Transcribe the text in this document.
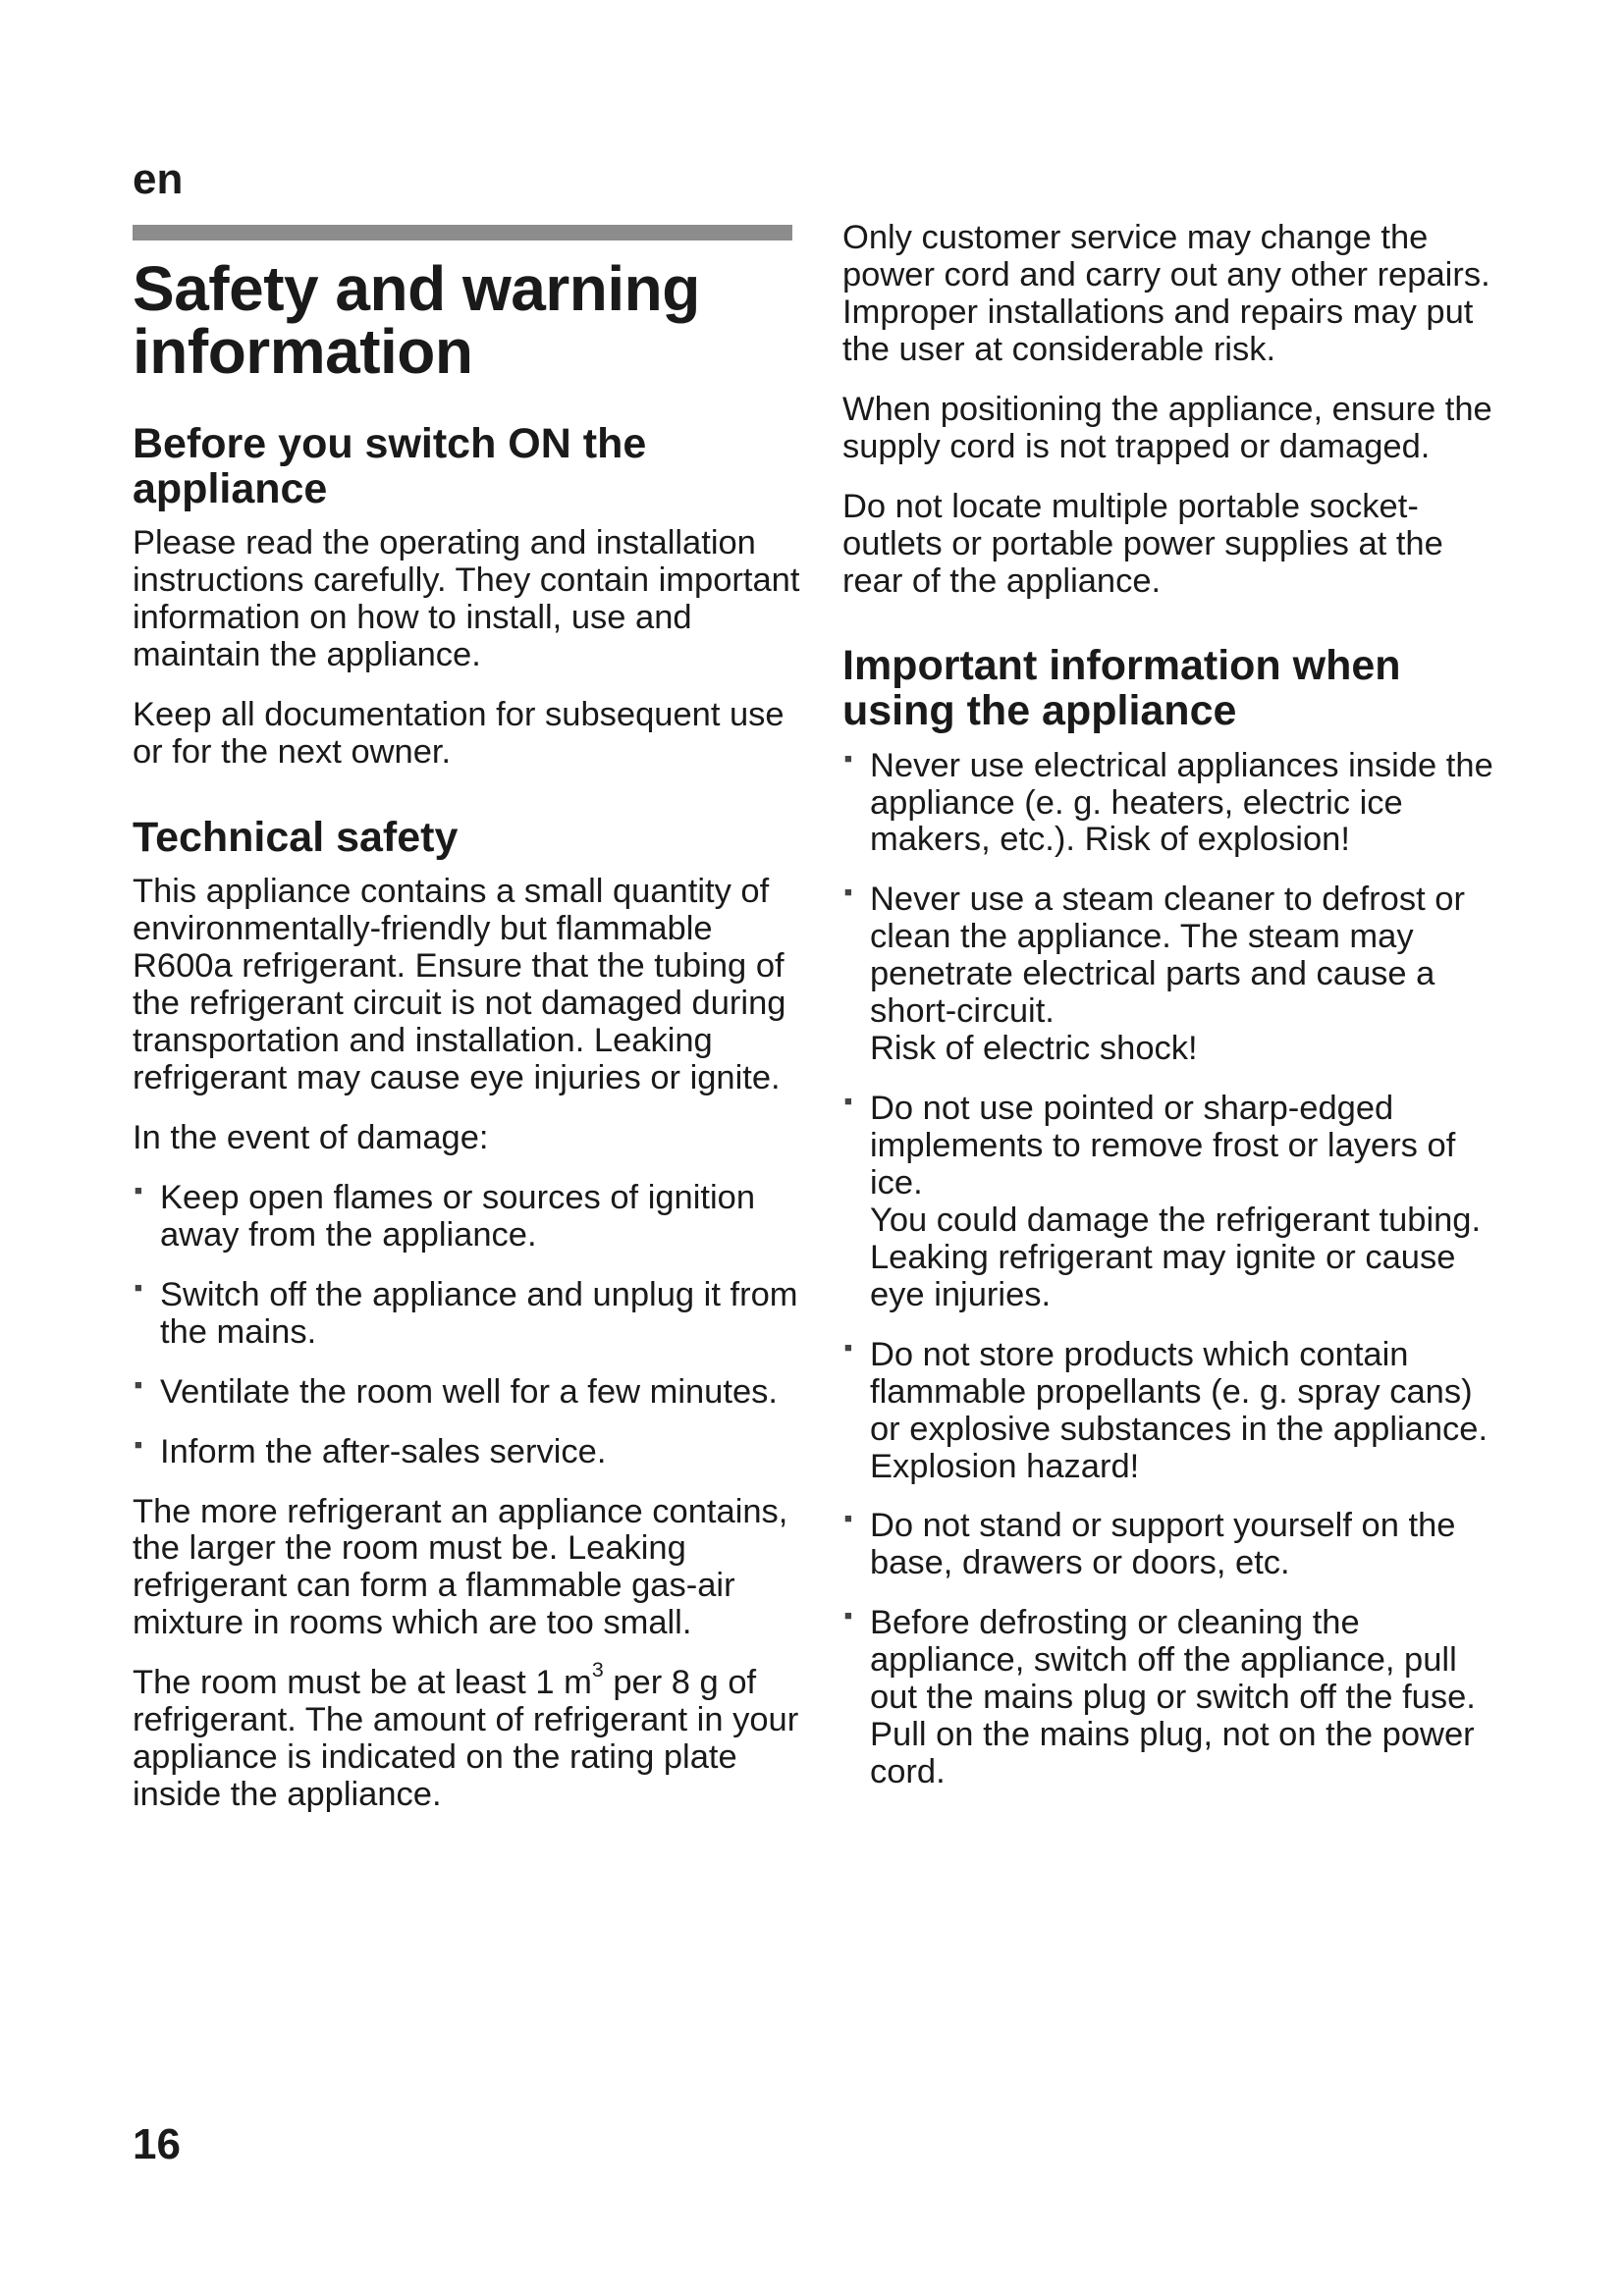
en
Safety and warning information
Before you switch ON the appliance

Please read the operating and installation instructions carefully. They contain important information on how to install, use and maintain the appliance.

Keep all documentation for subsequent use or for the next owner.

Technical safety

This appliance contains a small quantity of environmentally-friendly but flammable R600a refrigerant. Ensure that the tubing of the refrigerant circuit is not damaged during transportation and installation. Leaking refrigerant may cause eye injuries or ignite.

In the event of damage:

■ Keep open flames or sources of ignition away from the appliance.
■ Switch off the appliance and unplug it from the mains.
■ Ventilate the room well for a few minutes.
■ Inform the after-sales service.

The more refrigerant an appliance contains, the larger the room must be. Leaking refrigerant can form a flammable gas-air mixture in rooms which are too small.

The room must be at least 1 $m^3$ per 8 g of refrigerant. The amount of refrigerant in your appliance is indicated on the rating plate inside the appliance.

Only customer service may change the power cord and carry out any other repairs. Improper installations and repairs may put the user at considerable risk.

When positioning the appliance, ensure the supply cord is not trapped or damaged.

Do not locate multiple portable socket-outlets or portable power supplies at the rear of the appliance.

Important information when using the appliance
■ Never use electrical appliances inside the appliance (e. g. heaters, electric ice makers, etc.). Risk of explosion!
■ Never use a steam cleaner to defrost or clean the appliance. The steam may penetrate electrical parts and cause a short-circuit.
Risk of electric shock!
■ Do not use pointed or sharp-edged implements to remove frost or layers of ice.
You could damage the refrigerant tubing. Leaking refrigerant may ignite or cause eye injuries.
■ Do not store products which contain flammable propellants (e. g. spray cans) or explosive substances in the appliance. Explosion hazard!
■ Do not stand or support yourself on the base, drawers or doors, etc.
■ Before defrosting or cleaning the appliance, switch off the appliance, pull out the mains plug or switch off the fuse.
Pull on the mains plug, not on the power cord.
16
